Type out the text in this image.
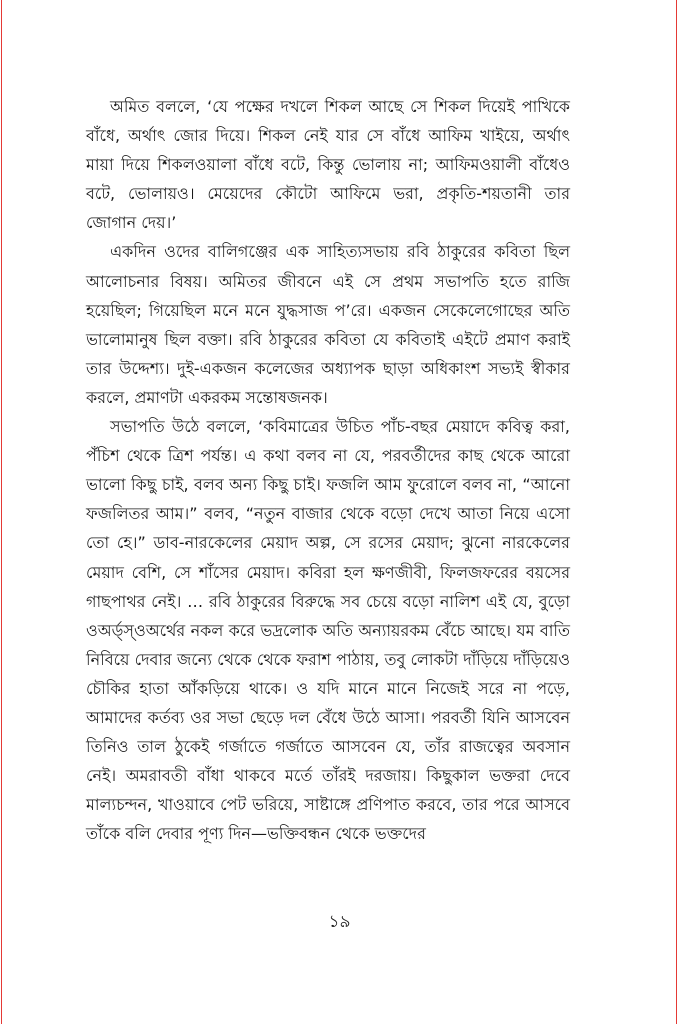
অমিত বললে, ‘যে পক্ষের দখলে শিকল আছে সে শিকল দিয়েই পাখিকে বাঁধে, অর্থাৎ জোর দিয়ে। শিকল নেই যার সে বাঁধে আফিম খাইয়ে, অর্থাৎ মায়া দিয়ে শিকলওয়ালা বাঁধে বটে, কিন্তু ভোলায় না; আফিমওয়ালী বাঁধেও বটে, ভোলায়ও। মেয়েদের কৌটো আফিমে ভরা, প্রকৃতি-শয়তানী তার জোগান দেয়।’

একদিন ওদের বালিগঞ্জের এক সাহিত্যসভায় রবি ঠাকুরের কবিতা ছিল আলোচনার বিষয়। অমিতর জীবনে এই সে প্রথম সভাপতি হতে রাজি হয়েছিল; গিয়েছিল মনে মনে যুদ্ধসাজ প’রে। একজন সেকেলেগোছের অতি ভালোমানুষ ছিল বক্তা। রবি ঠাকুরের কবিতা যে কবিতাই এইটে প্রমাণ করাই তার উদ্দেশ্য। দুই-একজন কলেজের অধ্যাপক ছাড়া অধিকাংশ সভ্যই স্বীকার করলে, প্রমাণটা একরকম সন্তোষজনক।

সভাপতি উঠে বললে, ‘কবিমাত্রের উচিত পাঁচ-বছর মেয়াদে কবিত্ব করা, পঁচিশ থেকে ত্রিশ পর্যন্ত। এ কথা বলব না যে, পরবর্তীদের কাছ থেকে আরো ভালো কিছু চাই, বলব অন্য কিছু চাই। ফজলি আম ফুরোলে বলব না, “আনো ফজলিতর আম।” বলব, “নতুন বাজার থেকে বড়ো দেখে আতা নিয়ে এসো তো হে।” ডাব-নারকেলের মেয়াদ অল্প, সে রসের মেয়াদ; ঝুনো নারকেলের মেয়াদ বেশি, সে শাঁসের মেয়াদ। কবিরা হল ক্ষণজীবী, ফিলজফরের বয়সের গাছপাথর নেই। … রবি ঠাকুরের বিরুদ্ধে সব চেয়ে বড়ো নালিশ এই যে, বুড়ো ওঅর্ড্‌স্‌ওঅর্থের নকল করে ভদ্রলোক অতি অন্যায়রকম বেঁচে আছে। যম বাতি নিবিয়ে দেবার জন্যে থেকে থেকে ফরাশ পাঠায়, তবু লোকটা দাঁড়িয়ে দাঁড়িয়েও চৌকির হাতা আঁকড়িয়ে থাকে। ও যদি মানে মানে নিজেই সরে না পড়ে, আমাদের কর্তব্য ওর সভা ছেড়ে দল বেঁধে উঠে আসা। পরবর্তী যিনি আসবেন তিনিও তাল ঠুকেই গর্জাতে গর্জাতে আসবেন যে, তাঁর রাজত্বের অবসান নেই। অমরাবতী বাঁধা থাকবে মর্তে তাঁরই দরজায়। কিছুকাল ভক্তরা দেবে মাল্যচন্দন, খাওয়াবে পেট ভরিয়ে, সাষ্টাঙ্গে প্রণিপাত করবে, তার পরে আসবে তাঁকে বলি দেবার পূণ্য দিন—ভক্তিবন্ধন থেকে ভক্তদের

১৯
